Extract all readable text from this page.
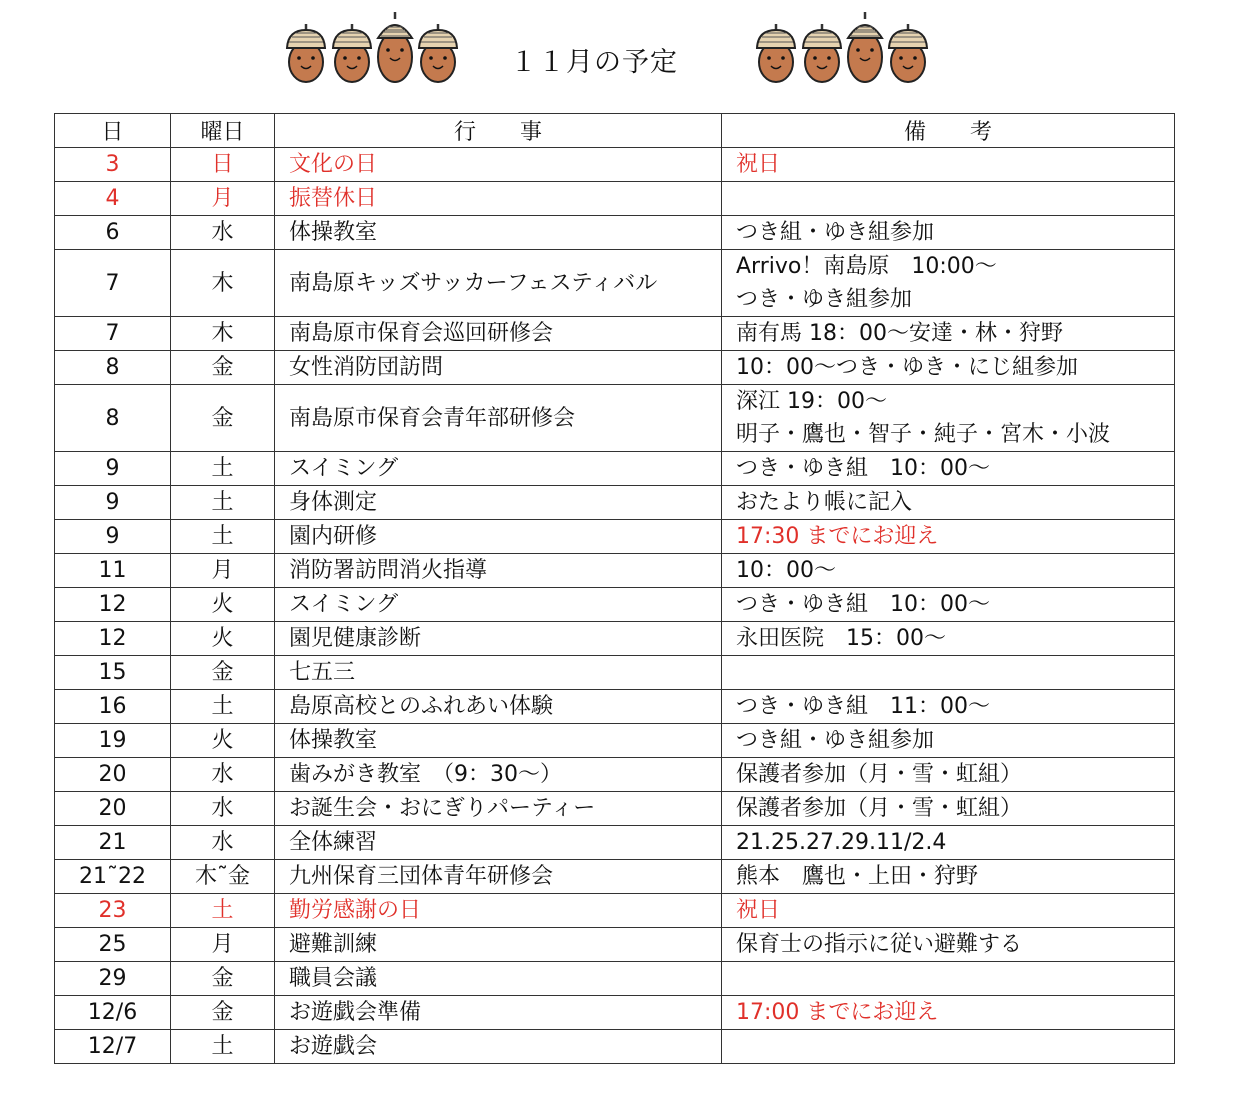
１１月の予定
日	曜日	行　　事	備　　考
3	日	文化の日	祝日

4	月	振替休日	
6	水	体操教室	つき組・ゆき組参加

7	木	南島原キッズサッカーフェスティバル	Arrivo！南島原　10:00～
つき・ゆき組参加

7	木	南島原市保育会巡回研修会	南有馬 18：00～安達・林・狩野

8	金	女性消防団訪問	10：00～つき・ゆき・にじ組参加

8	金	南島原市保育会青年部研修会	深江 19：00～
明子・鷹也・智子・純子・宮木・小波

9	土	スイミング	つき・ゆき組　10：00～

9	土	身体測定	おたより帳に記入

9	土	園内研修	17:30 までにお迎え

11	月	消防署訪問消火指導	10：00～

12	火	スイミング	つき・ゆき組　10：00～

12	火	園児健康診断	永田医院　15：00～

15	金	七五三	
16	土	島原高校とのふれあい体験	つき・ゆき組　11：00～

19	火	体操教室	つき組・ゆき組参加

20	水	歯みがき教室　（9：30～）	保護者参加（月・雪・虹組）

20	水	お誕生会・おにぎりパーティー	保護者参加（月・雪・虹組）

21	水	全体練習	21.25.27.29.11/2.4

21˜22	木˜金	九州保育三団体青年研修会	熊本　鷹也・上田・狩野

23	土	勤労感謝の日	祝日

25	月	避難訓練	保育士の指示に従い避難する

29	金	職員会議	
12/6	金	お遊戯会準備	17:00 までにお迎え

12/7	土	お遊戯会	
